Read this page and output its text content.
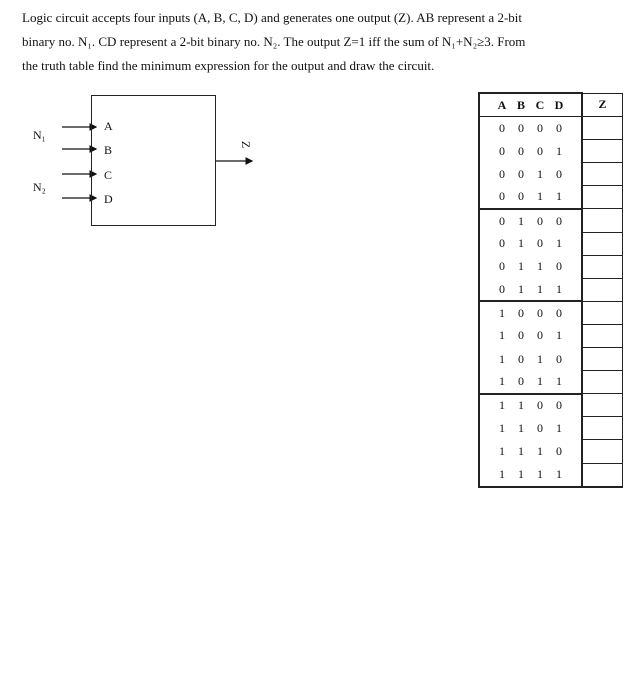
Logic circuit accepts four inputs (A, B, C, D) and generates one output (Z). AB represent a 2-bit

binary no. N₁. CD represent a 2-bit binary no. N₂. The output Z=1 iff the sum of N₁+N₂≥3. From

the truth table find the minimum expression for the output and draw the circuit.

N₁
N₂
A
B
C
D
Z
A B C D	Z
0 0 0 0	
0 0 0 1	
0 0 1 0	
0 0 1 1	
0 1 0 0	
0 1 0 1	
0 1 1 0	
0 1 1 1	
1 0 0 0	
1 0 0 1	
1 0 1 0	
1 0 1 1	
1 1 0 0	
1 1 0 1	
1 1 1 0	
1 1 1 1	
